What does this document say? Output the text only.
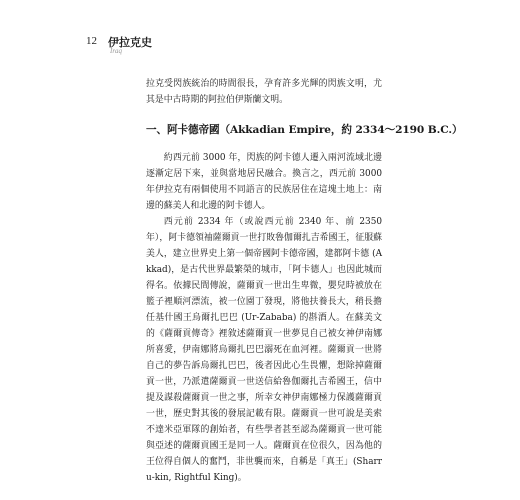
12 伊拉克史
Iraq

拉克受閃族統治的時間很長，孕育許多光輝的閃族文明，尤其是中古時期的阿拉伯伊斯蘭文明。

一、阿卡德帝國（Akkadian Empire，約 2334～2190 B.C.）

約西元前 3000 年，閃族的阿卡德人遷入兩河流域北邊逐漸定居下來，並與當地居民融合。換言之，西元前 3000 年伊拉克有兩個使用不同語言的民族居住在這塊土地上：南邊的蘇美人和北邊的阿卡德人。

西元前 2334 年（或說西元前 2340 年、前 2350 年），阿卡德領袖薩爾貢一世打敗魯伽爾扎吉希國王，征服蘇美人，建立世界史上第一個帝國阿卡德帝國，建都阿卡德 (Akkad)，是古代世界最繁榮的城市，「阿卡德人」也因此城而得名。依據民間傳說，薩爾貢一世出生卑微，嬰兒時被放在籃子裡順河漂流，被一位園丁發現，將他扶養長大，稍長擔任基什國王烏爾扎巴巴 (Ur-Zababa) 的斟酒人。在蘇美文的《薩爾貢傳奇》裡敘述薩爾貢一世夢見自己被女神伊南娜所喜愛，伊南娜將烏爾扎巴巴溺死在血河裡。薩爾貢一世將自己的夢告訴烏爾扎巴巴，後者因此心生畏懼，想除掉薩爾貢一世，乃派遣薩爾貢一世送信給魯伽爾扎吉希國王，信中提及謀殺薩爾貢一世之事，所幸女神伊南娜極力保護薩爾貢一世，歷史對其後的發展記載有限。薩爾貢一世可說是美索不達米亞軍隊的創始者，有些學者甚至認為薩爾貢一世可能與亞述的薩爾貢國王是同一人。薩爾貢在位很久，因為他的王位得自個人的奮鬥，非世襲而來，自稱是「真王」(Sharru-kin, Rightful King)。
